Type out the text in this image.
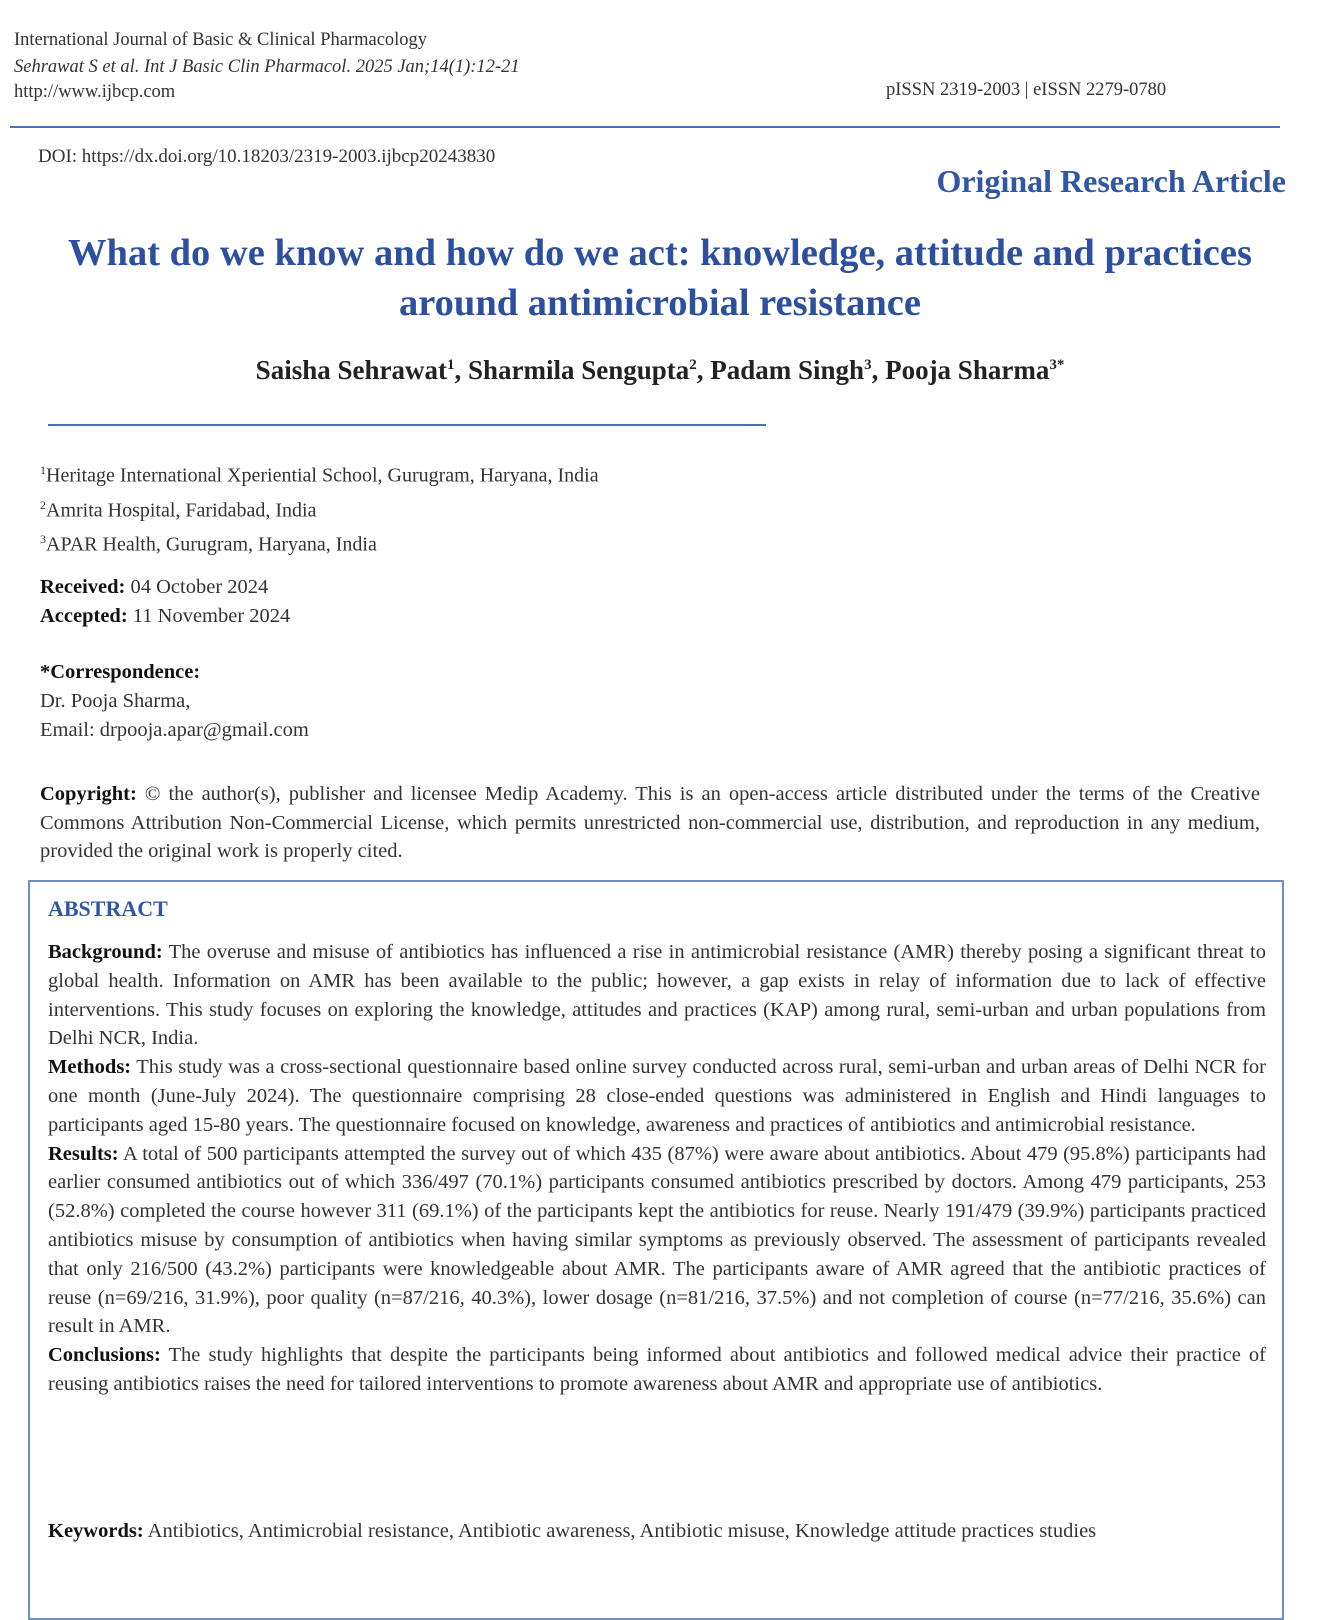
International Journal of Basic & Clinical Pharmacology
Sehrawat S et al. Int J Basic Clin Pharmacol. 2025 Jan;14(1):12-21
http://www.ijbcp.com	pISSN 2319-2003 | eISSN 2279-0780
DOI: https://dx.doi.org/10.18203/2319-2003.ijbcp20243830
Original Research Article
What do we know and how do we act: knowledge, attitude and practices
around antimicrobial resistance
Saisha Sehrawat$^1$, Sharmila Sengupta$^2$, Padam Singh$^3$, Pooja Sharma$^{3*}$
$^1$Heritage International Xperiential School, Gurugram, Haryana, India
$^2$Amrita Hospital, Faridabad, India
$^3$APAR Health, Gurugram, Haryana, India
Received: 04 October 2024
Accepted: 11 November 2024
*Correspondence:
Dr. Pooja Sharma,
Email: drpooja.apar@gmail.com
Copyright: © the author(s), publisher and licensee Medip Academy. This is an open-access article distributed under the terms of the Creative Commons Attribution Non-Commercial License, which permits unrestricted non-commercial use, distribution, and reproduction in any medium, provided the original work is properly cited.
ABSTRACT

Background: The overuse and misuse of antibiotics has influenced a rise in antimicrobial resistance (AMR) thereby posing a significant threat to global health. Information on AMR has been available to the public; however, a gap exists in relay of information due to lack of effective interventions. This study focuses on exploring the knowledge, attitudes and practices (KAP) among rural, semi-urban and urban populations from Delhi NCR, India.

Methods: This study was a cross-sectional questionnaire based online survey conducted across rural, semi-urban and urban areas of Delhi NCR for one month (June-July 2024). The questionnaire comprising 28 close-ended questions was administered in English and Hindi languages to participants aged 15-80 years. The questionnaire focused on knowledge, awareness and practices of antibiotics and antimicrobial resistance.

Results: A total of 500 participants attempted the survey out of which 435 (87%) were aware about antibiotics. About 479 (95.8%) participants had earlier consumed antibiotics out of which 336/497 (70.1%) participants consumed antibiotics prescribed by doctors. Among 479 participants, 253 (52.8%) completed the course however 311 (69.1%) of the participants kept the antibiotics for reuse. Nearly 191/479 (39.9%) participants practiced antibiotics misuse by consumption of antibiotics when having similar symptoms as previously observed. The assessment of participants revealed that only 216/500 (43.2%) participants were knowledgeable about AMR. The participants aware of AMR agreed that the antibiotic practices of reuse (n=69/216, 31.9%), poor quality (n=87/216, 40.3%), lower dosage (n=81/216, 37.5%) and not completion of course (n=77/216, 35.6%) can result in AMR.

Conclusions: The study highlights that despite the participants being informed about antibiotics and followed medical advice their practice of reusing antibiotics raises the need for tailored interventions to promote awareness about AMR and appropriate use of antibiotics.

Keywords: Antibiotics, Antimicrobial resistance, Antibiotic awareness, Antibiotic misuse, Knowledge attitude practices studies
